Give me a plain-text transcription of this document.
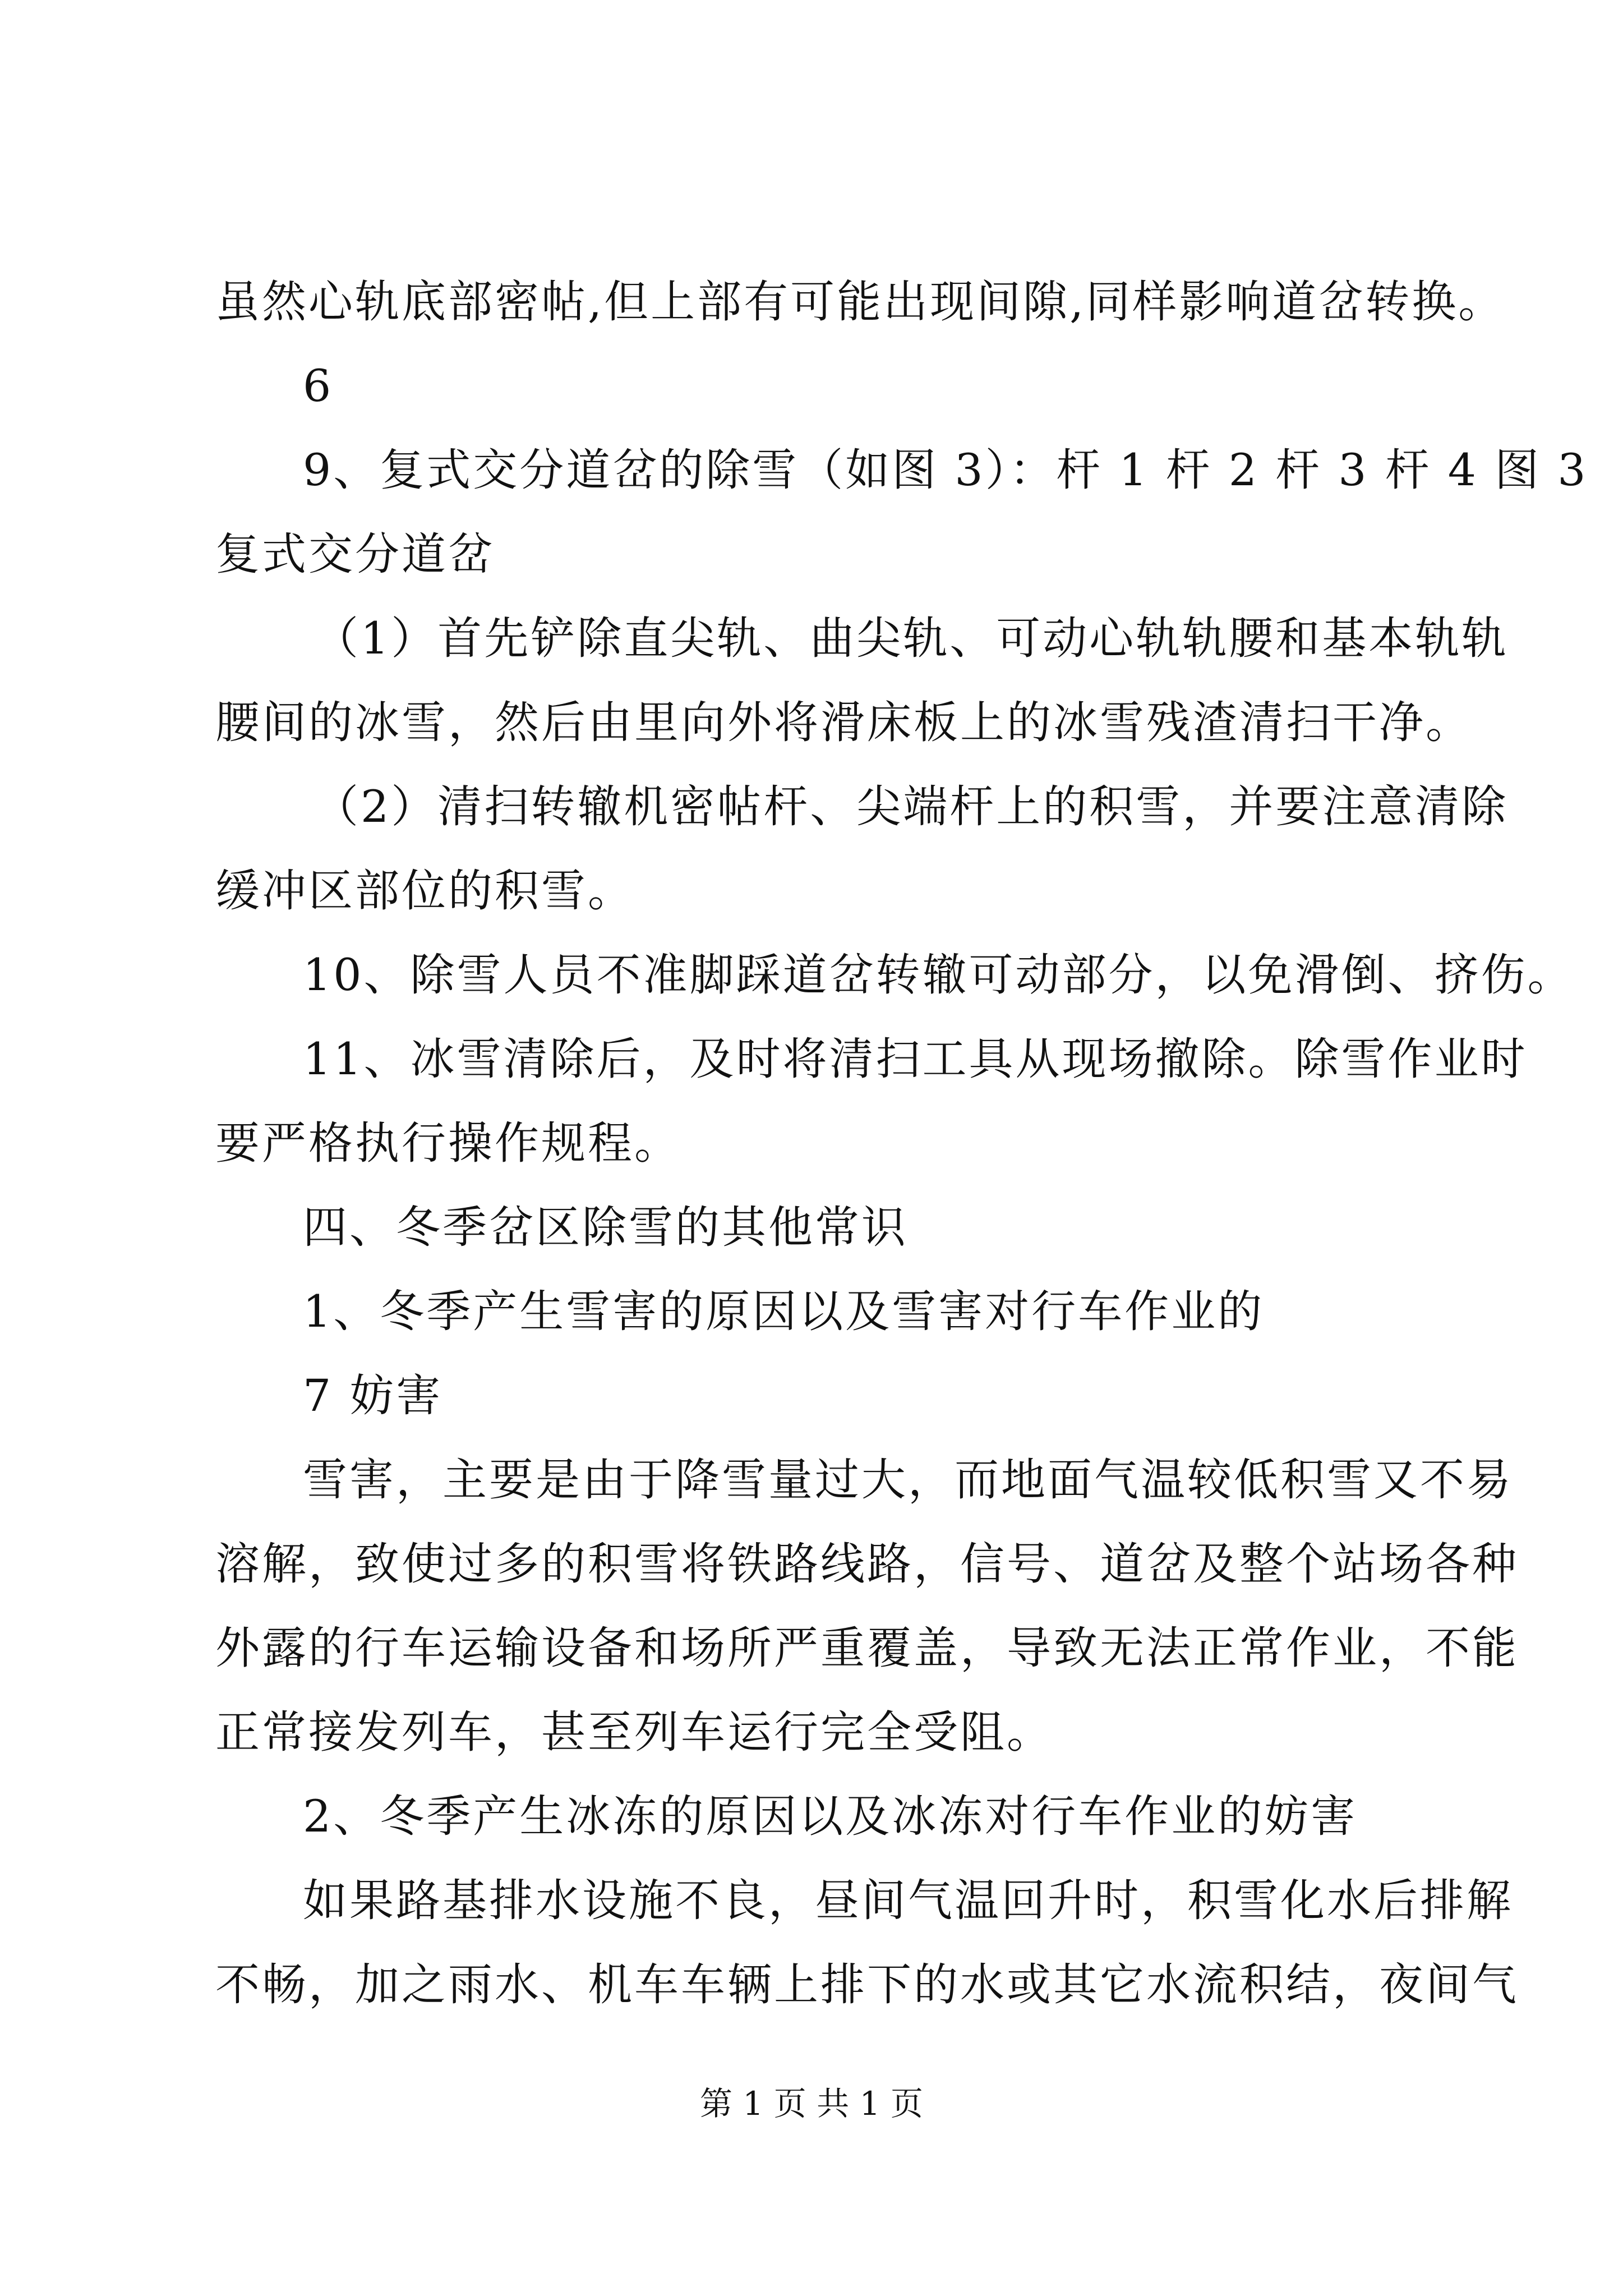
虽然心轨底部密帖,但上部有可能出现间隙,同样影响道岔转换。
6
9、复式交分道岔的除雪（如图 3）：杆 1 杆 2 杆 3 杆 4 图 3
复式交分道岔
（1）首先铲除直尖轨、曲尖轨、可动心轨轨腰和基本轨轨
腰间的冰雪，然后由里向外将滑床板上的冰雪残渣清扫干净。
（2）清扫转辙机密帖杆、尖端杆上的积雪，并要注意清除
缓冲区部位的积雪。
10、除雪人员不准脚踩道岔转辙可动部分，以免滑倒、挤伤。
11、冰雪清除后，及时将清扫工具从现场撤除。除雪作业时
要严格执行操作规程。
四、冬季岔区除雪的其他常识
1、冬季产生雪害的原因以及雪害对行车作业的
7 妨害
雪害，主要是由于降雪量过大，而地面气温较低积雪又不易
溶解，致使过多的积雪将铁路线路，信号、道岔及整个站场各种
外露的行车运输设备和场所严重覆盖，导致无法正常作业，不能
正常接发列车，甚至列车运行完全受阻。
2、冬季产生冰冻的原因以及冰冻对行车作业的妨害
如果路基排水设施不良，昼间气温回升时，积雪化水后排解
不畅，加之雨水、机车车辆上排下的水或其它水流积结，夜间气
第 1 页 共 1 页
